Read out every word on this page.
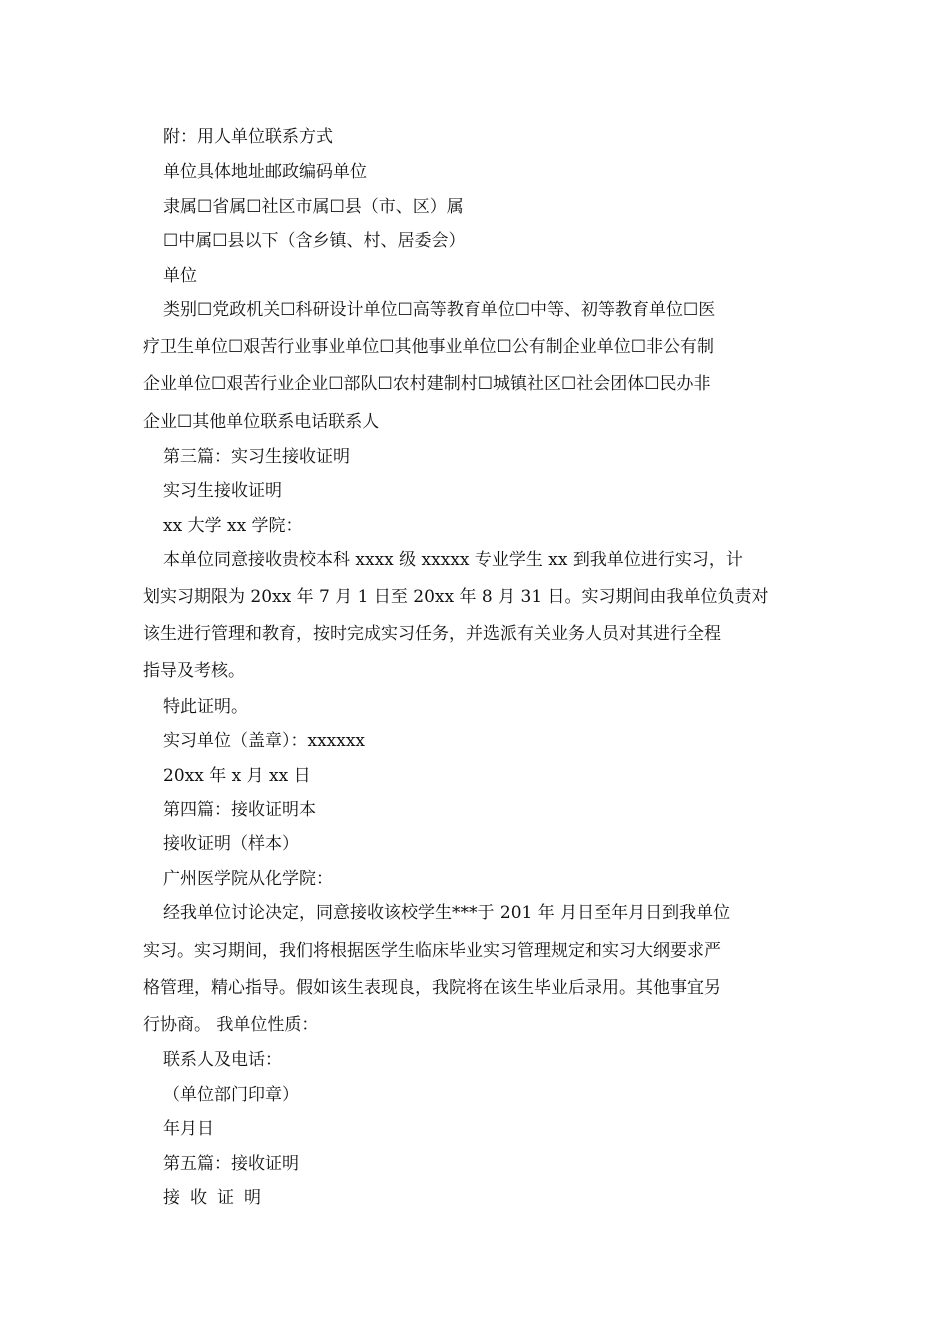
附：用人单位联系方式
单位具体地址邮政编码单位
隶属☐省属☐社区市属☐县（市、区）属
☐中属☐县以下（含乡镇、村、居委会）
单位
类别☐党政机关☐科研设计单位☐高等教育单位☐中等、初等教育单位☐医
疗卫生单位☐艰苦行业事业单位☐其他事业单位☐公有制企业单位☐非公有制
企业单位☐艰苦行业企业☐部队☐农村建制村☐城镇社区☐社会团体☐民办非
企业☐其他单位联系电话联系人
第三篇：实习生接收证明
实习生接收证明
xx 大学 xx 学院：
本单位同意接收贵校本科 xxxx 级 xxxxx 专业学生 xx 到我单位进行实习，计
划实习期限为 20xx 年 7 月 1 日至 20xx 年 8 月 31 日。实习期间由我单位负责对
该生进行管理和教育，按时完成实习任务，并选派有关业务人员对其进行全程
指导及考核。
特此证明。
实习单位（盖章）：xxxxxx
20xx 年 x 月 xx 日
第四篇：接收证明本
接收证明（样本）
广州医学院从化学院：
经我单位讨论决定，同意接收该校学生***于 201 年 月日至年月日到我单位
实习。实习期间，我们将根据医学生临床毕业实习管理规定和实习大纲要求严
格管理，精心指导。假如该生表现良，我院将在该生毕业后录用。其他事宜另
行协商。 我单位性质：
联系人及电话：
（单位部门印章）
年月日
第五篇：接收证明
接收证明
